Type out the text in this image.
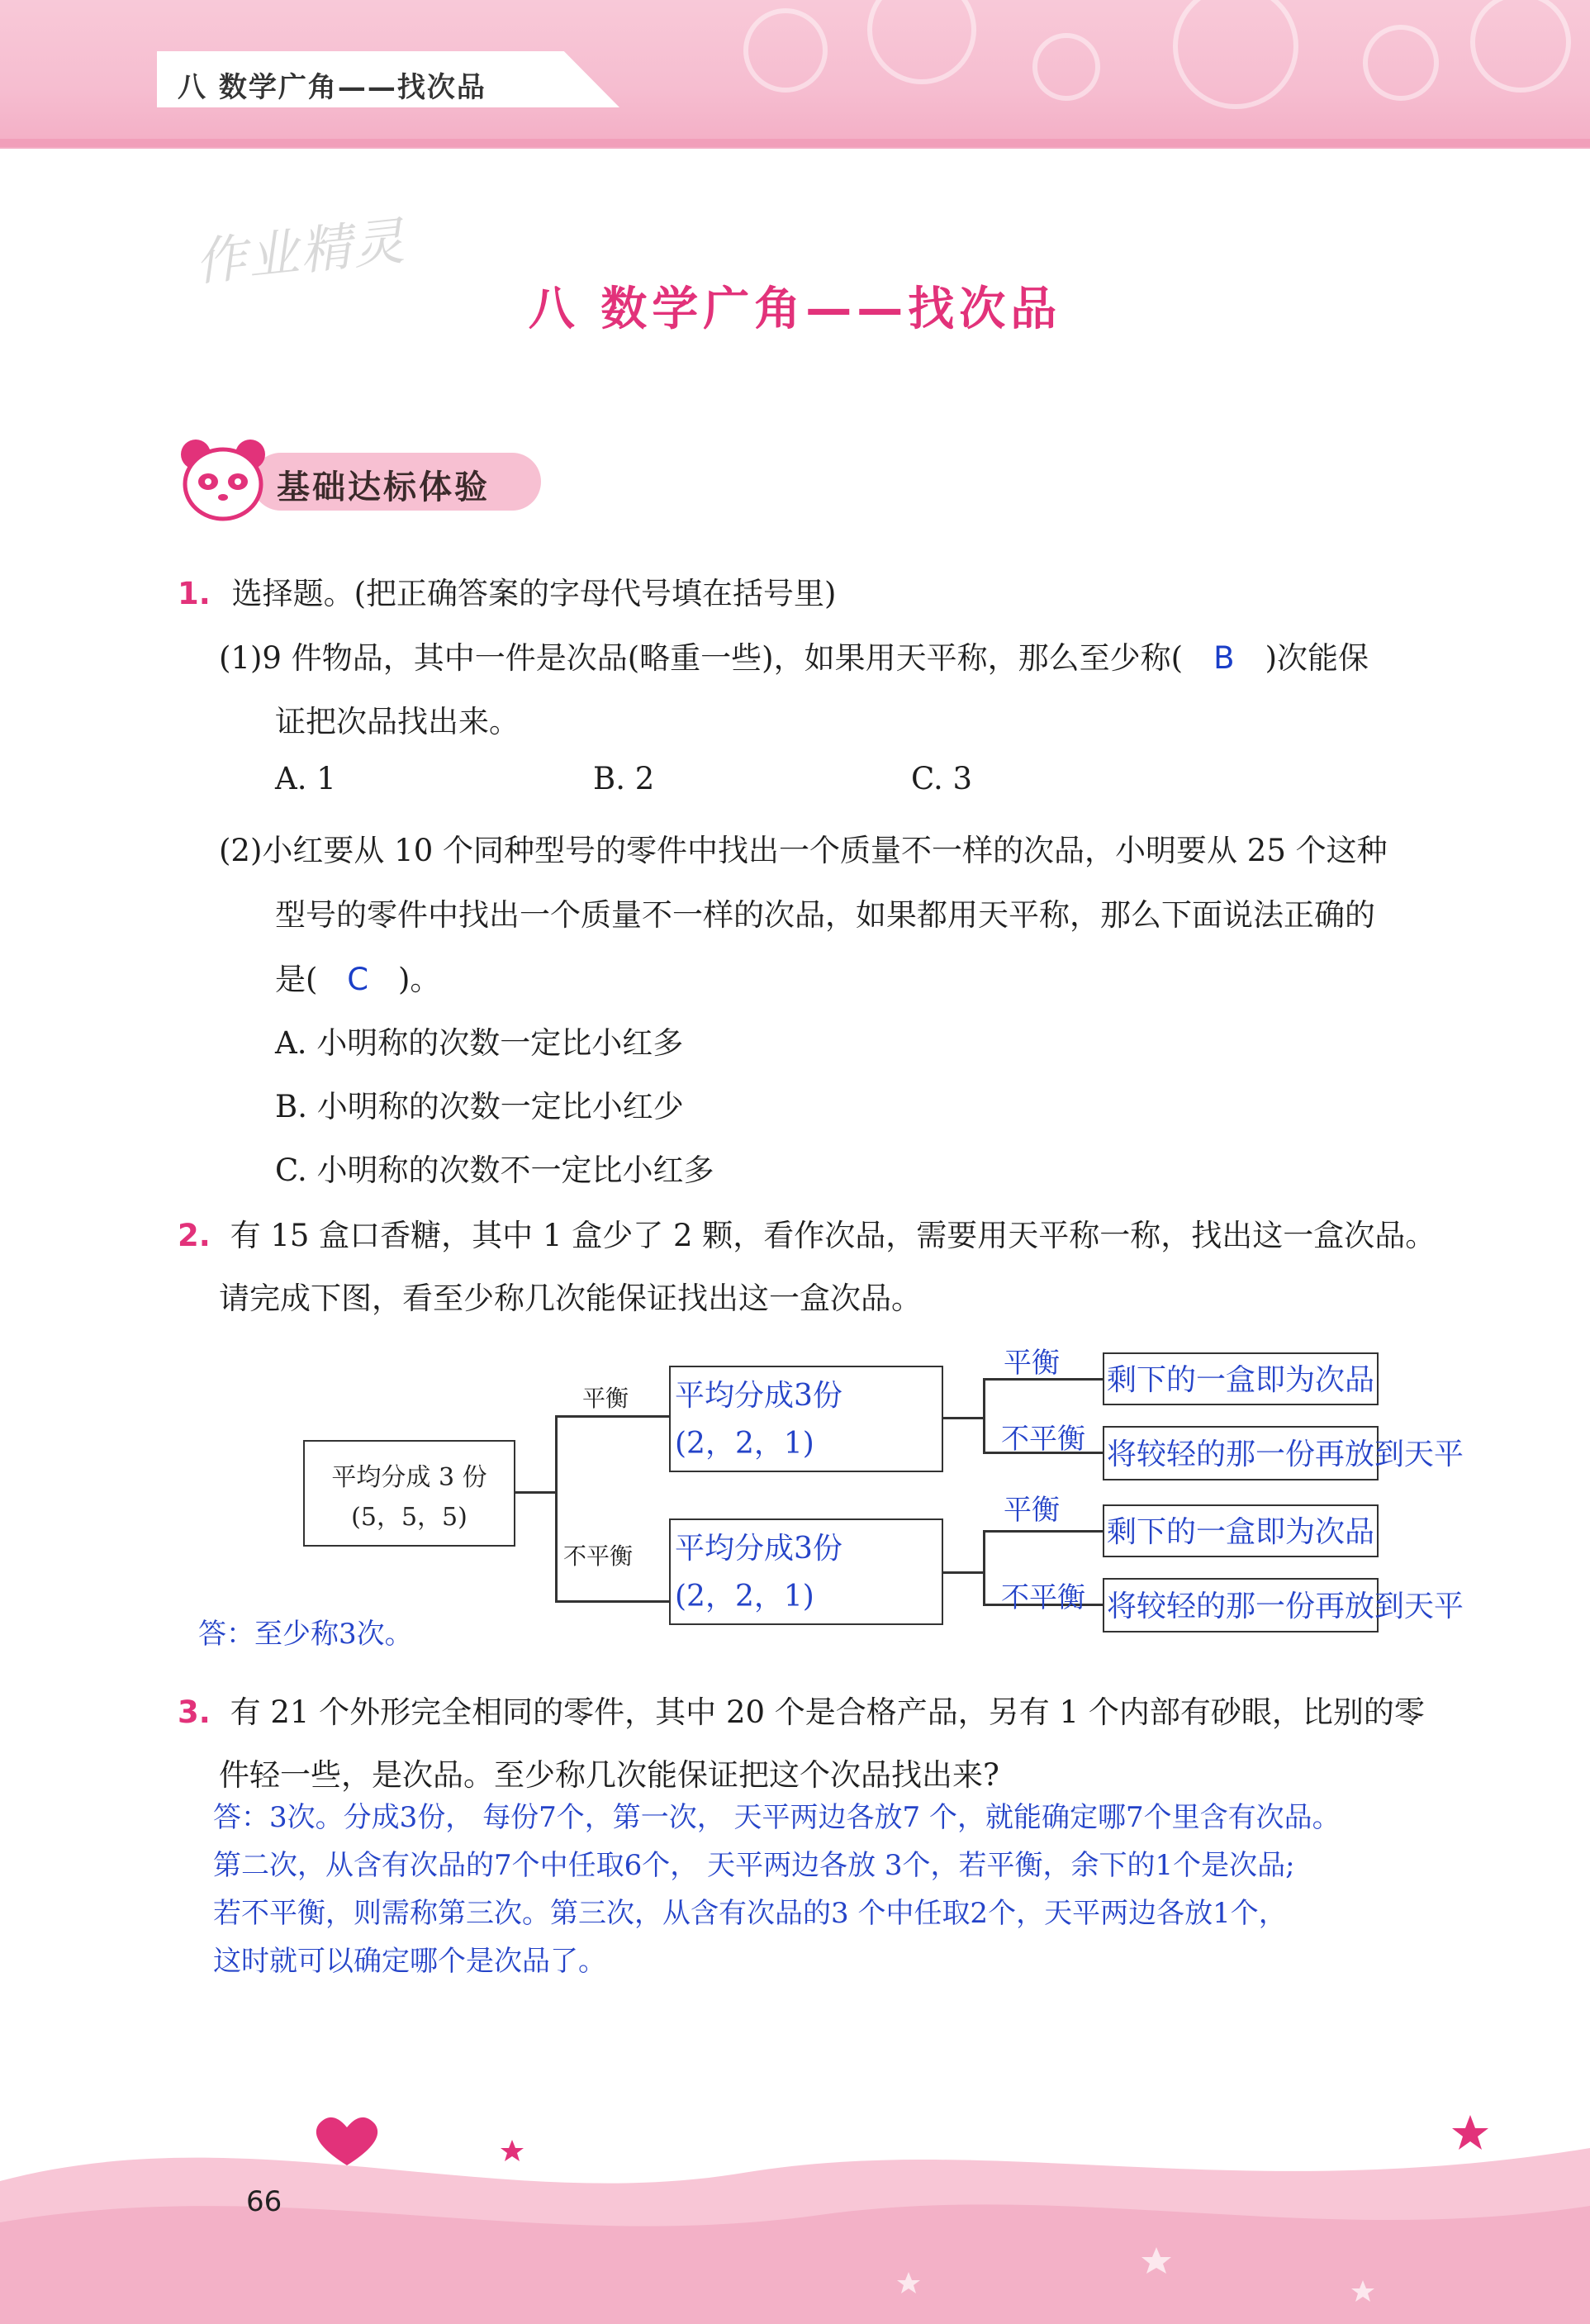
八 数学广角——找次品
作业精灵
八 数学广角——找次品
基础达标体验
1. 选择题。(把正确答案的字母代号填在括号里)
(1)9 件物品，其中一件是次品(略重一些)，如果用天平称，那么至少称( B )次能保
证把次品找出来。
A. 1	B. 2	C. 3
(2)小红要从 10 个同种型号的零件中找出一个质量不一样的次品，小明要从 25 个这种
型号的零件中找出一个质量不一样的次品，如果都用天平称，那么下面说法正确的
是( C )。
A. 小明称的次数一定比小红多
B. 小明称的次数一定比小红少
C. 小明称的次数不一定比小红多
2. 有 15 盒口香糖，其中 1 盒少了 2 颗，看作次品，需要用天平称一称，找出这一盒次品。
请完成下图，看至少称几次能保证找出这一盒次品。
平均分成 3 份
(5，5，5)
平衡
不平衡
平均分成3份
(2，2，1)
平均分成3份
(2，2，1)
平衡
不平衡
平衡
不平衡
剩下的一盒即为次品
将较轻的那一份再放到天平
剩下的一盒即为次品
将较轻的那一份再放到天平
答：至少称3次。
3. 有 21 个外形完全相同的零件，其中 20 个是合格产品，另有 1 个内部有砂眼，比别的零
件轻一些，是次品。至少称几次能保证把这个次品找出来?
答：3次。分成3份， 每份7个，第一次， 天平两边各放7 个，就能确定哪7个里含有次品。
第二次，从含有次品的7个中任取6个， 天平两边各放 3个，若平衡，余下的1个是次品;
若不平衡，则需称第三次。第三次，从含有次品的3 个中任取2个，天平两边各放1个，
这时就可以确定哪个是次品了。
66
